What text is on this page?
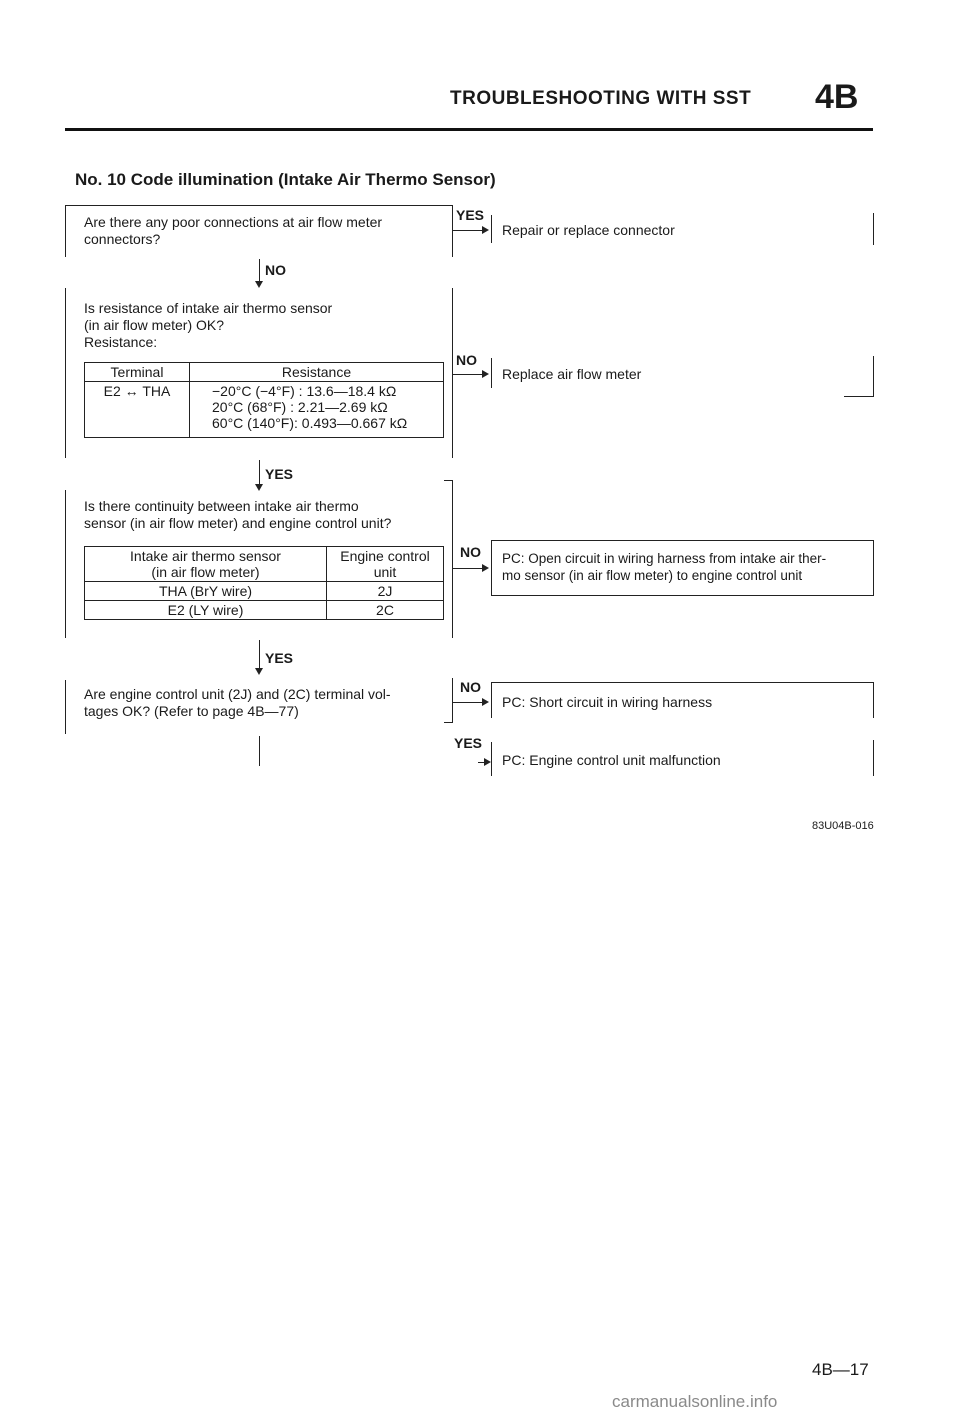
TROUBLESHOOTING WITH SST 4B
No. 10 Code illumination (Intake Air Thermo Sensor)
Are there any poor connections at air flow meter
connectors?
YES
Repair or replace connector
NO
Is resistance of intake air thermo sensor
(in air flow meter) OK?
Resistance:
Terminal	Resistance
E2 ↔ THA	−20°C (−4°F) : 13.6—18.4 kΩ
20°C (68°F) : 2.21—2.69 kΩ
60°C (140°F): 0.493—0.667 kΩ
NO
Replace air flow meter
YES
Is there continuity between intake air thermo
sensor (in air flow meter) and engine control unit?
Intake air thermo sensor
(in air flow meter)	Engine control
unit
THA (BrY wire)	2J
E2 (LY wire)	2C
NO PC: Open circuit in wiring harness from intake air ther-
mo sensor (in air flow meter) to engine control unit
YES
Are engine control unit (2J) and (2C) terminal vol-
tages OK? (Refer to page 4B—77)
NO
PC: Short circuit in wiring harness
YES
PC: Engine control unit malfunction
83U04B-016
4B—17
carmanualsonline.info
